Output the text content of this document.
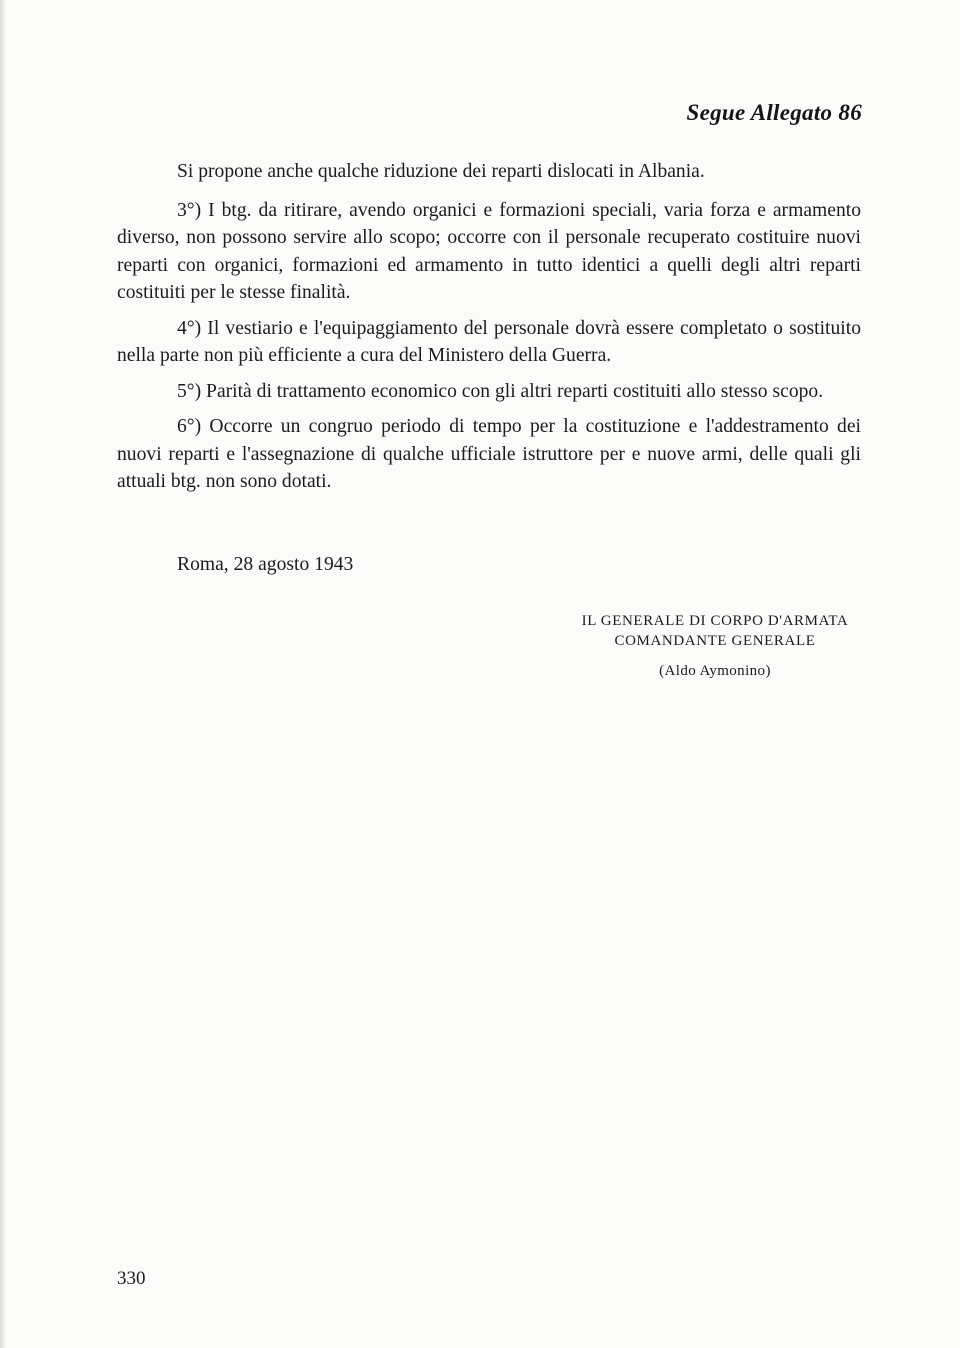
Segue Allegato 86

Si propone anche qualche riduzione dei reparti dislocati in Albania.

3°) I btg. da ritirare, avendo organici e formazioni speciali, varia forza e armamento diverso, non possono servire allo scopo; occorre con il personale recuperato costituire nuovi reparti con organici, formazioni ed armamento in tutto identici a quelli degli altri reparti costituiti per le stesse finalità.

4°) Il vestiario e l'equipaggiamento del personale dovrà essere completato o sostituito nella parte non più efficiente a cura del Ministero della Guerra.

5°) Parità di trattamento economico con gli altri reparti costituiti allo stesso scopo.

6°) Occorre un congruo periodo di tempo per la costituzione e l'addestramento dei nuovi reparti e l'assegnazione di qualche ufficiale istruttore per e nuove armi, delle quali gli attuali btg. non sono dotati.

Roma, 28 agosto 1943
IL GENERALE DI CORPO D'ARMATA
COMANDANTE GENERALE
(Aldo Aymonino)
330
